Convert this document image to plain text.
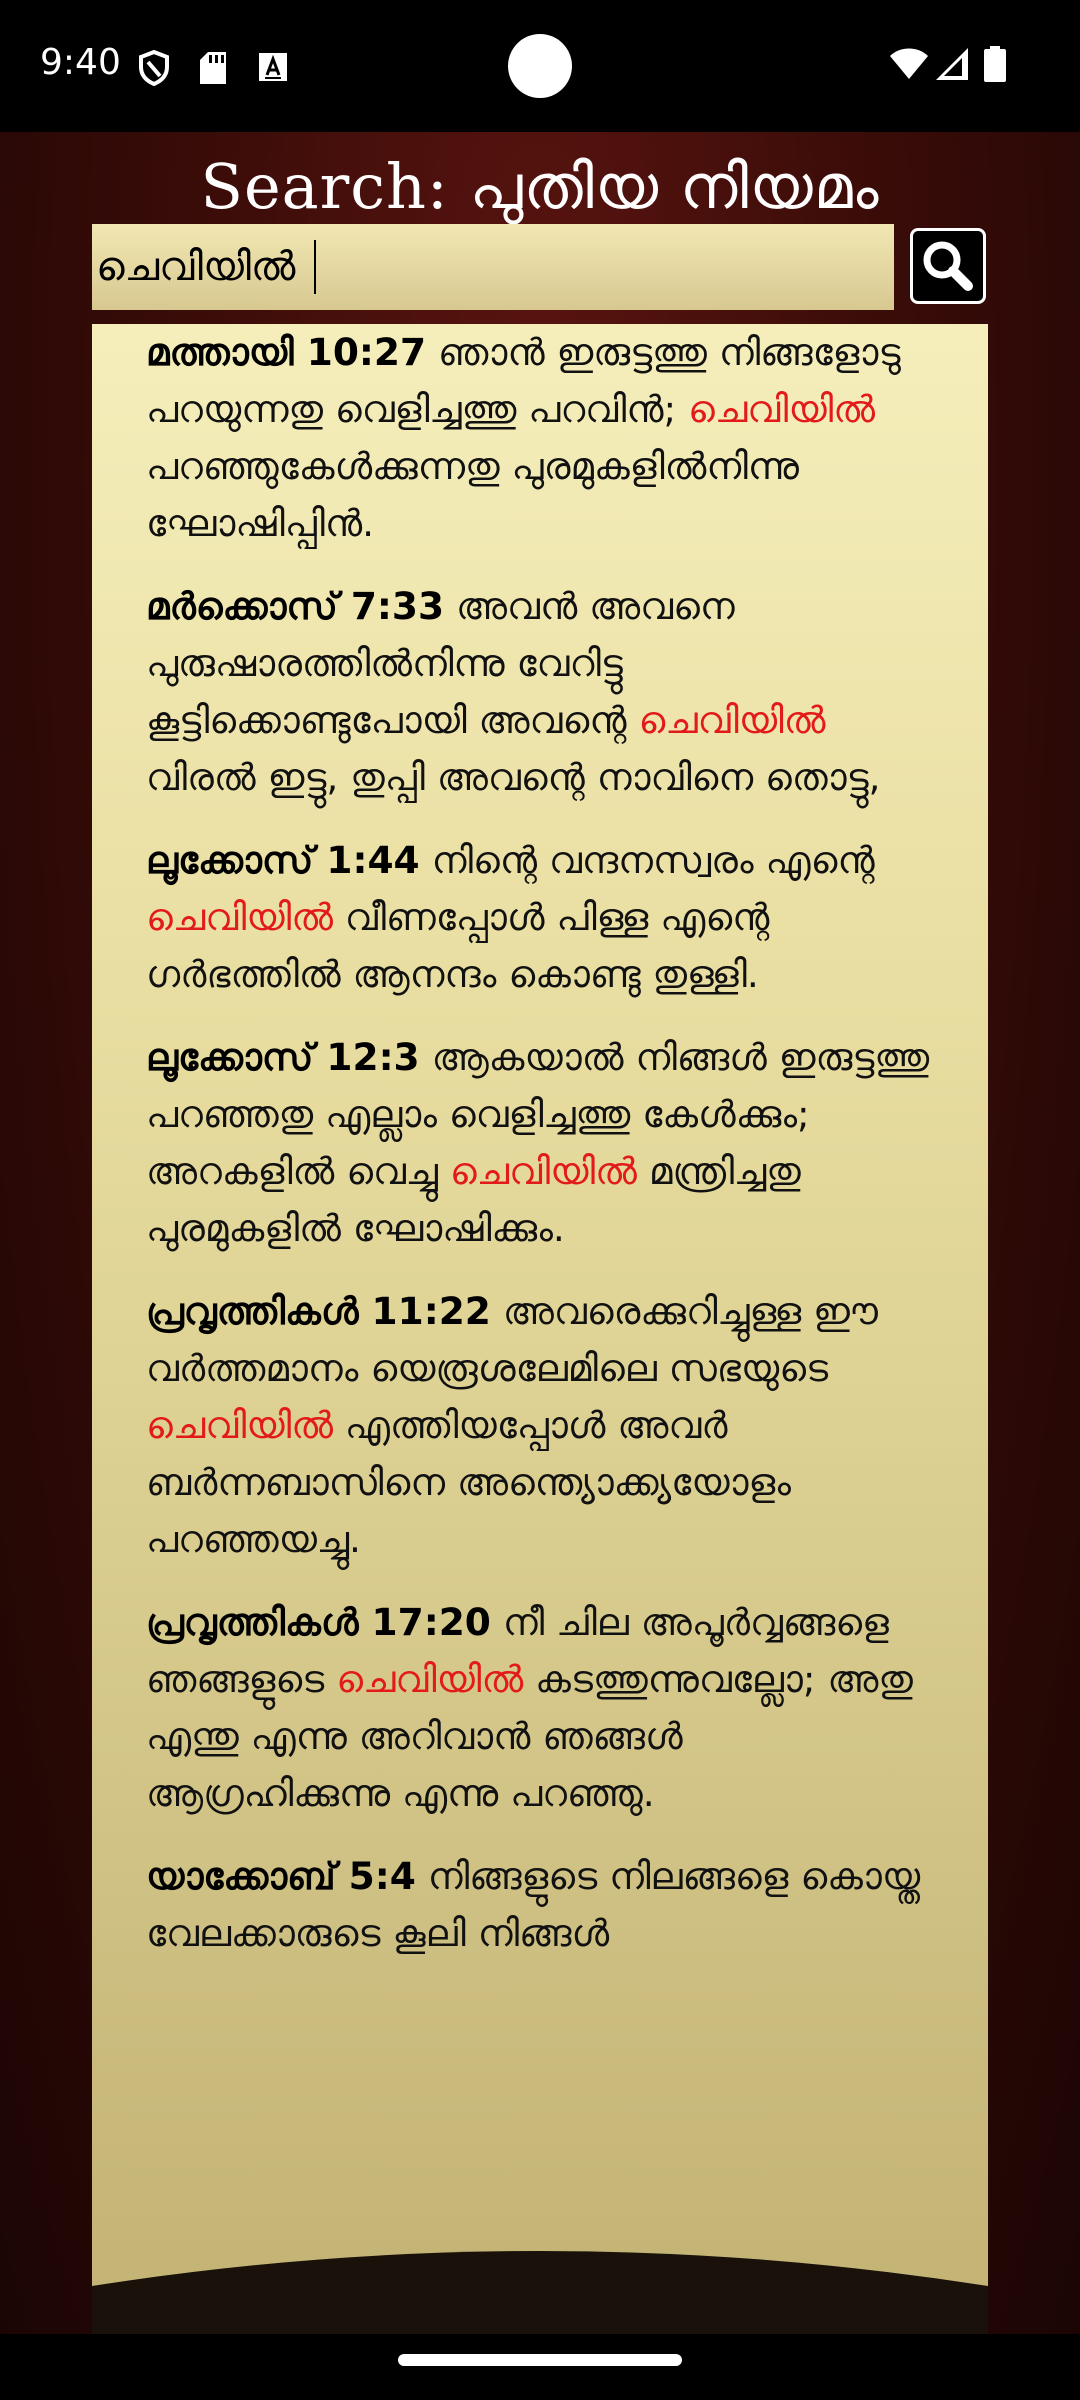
9:40
Search: പുതിയ നിയമം
ചെവിയിൽ

മത്തായി 10:27 ഞാൻ ഇരുട്ടത്തു നിങ്ങളോടു പറയുന്നതു വെളിച്ചത്തു പറവിൻ; ചെവിയിൽ പറഞ്ഞുകേൾക്കുന്നതു പുരമുകളിൽനിന്നു ഘോഷിപ്പിൻ.

മർക്കൊസ് 7:33 അവൻ അവനെ പുരുഷാരത്തിൽനിന്നു വേറിട്ടു കൂട്ടിക്കൊണ്ടുപോയി അവന്റെ ചെവിയിൽ വിരൽ ഇട്ടു, തുപ്പി അവന്റെ നാവിനെ തൊട്ടു,

ലൂക്കോസ് 1:44 നിന്റെ വന്ദനസ്വരം എന്റെ ചെവിയിൽ വീണപ്പോൾ പിള്ള എന്റെ ഗർഭത്തിൽ ആനന്ദം കൊണ്ടു തുള്ളി.

ലൂക്കോസ് 12:3 ആകയാൽ നിങ്ങൾ ഇരുട്ടത്തു പറഞ്ഞതു എല്ലാം വെളിച്ചത്തു കേൾക്കും; അറകളിൽ വെച്ചു ചെവിയിൽ മന്ത്രിച്ചതു പുരമുകളിൽ ഘോഷിക്കും.

പ്രവൃത്തികൾ 11:22 അവരെക്കുറിച്ചുള്ള ഈ വർത്തമാനം യെരൂശലേമിലെ സഭയുടെ ചെവിയിൽ എത്തിയപ്പോൾ അവർ ബർന്നബാസിനെ അന്ത്യൊക്ക്യയോളം പറഞ്ഞയച്ചു.

പ്രവൃത്തികൾ 17:20 നീ ചില അപൂർവ്വങ്ങളെ ഞങ്ങളുടെ ചെവിയിൽ കടത്തുന്നുവല്ലോ; അതു എന്തു എന്നു അറിവാൻ ഞങ്ങൾ ആഗ്രഹിക്കുന്നു എന്നു പറഞ്ഞു.

യാക്കോബ് 5:4 നിങ്ങളുടെ നിലങ്ങളെ കൊയ്ത വേലക്കാരുടെ കൂലി നിങ്ങൾ
